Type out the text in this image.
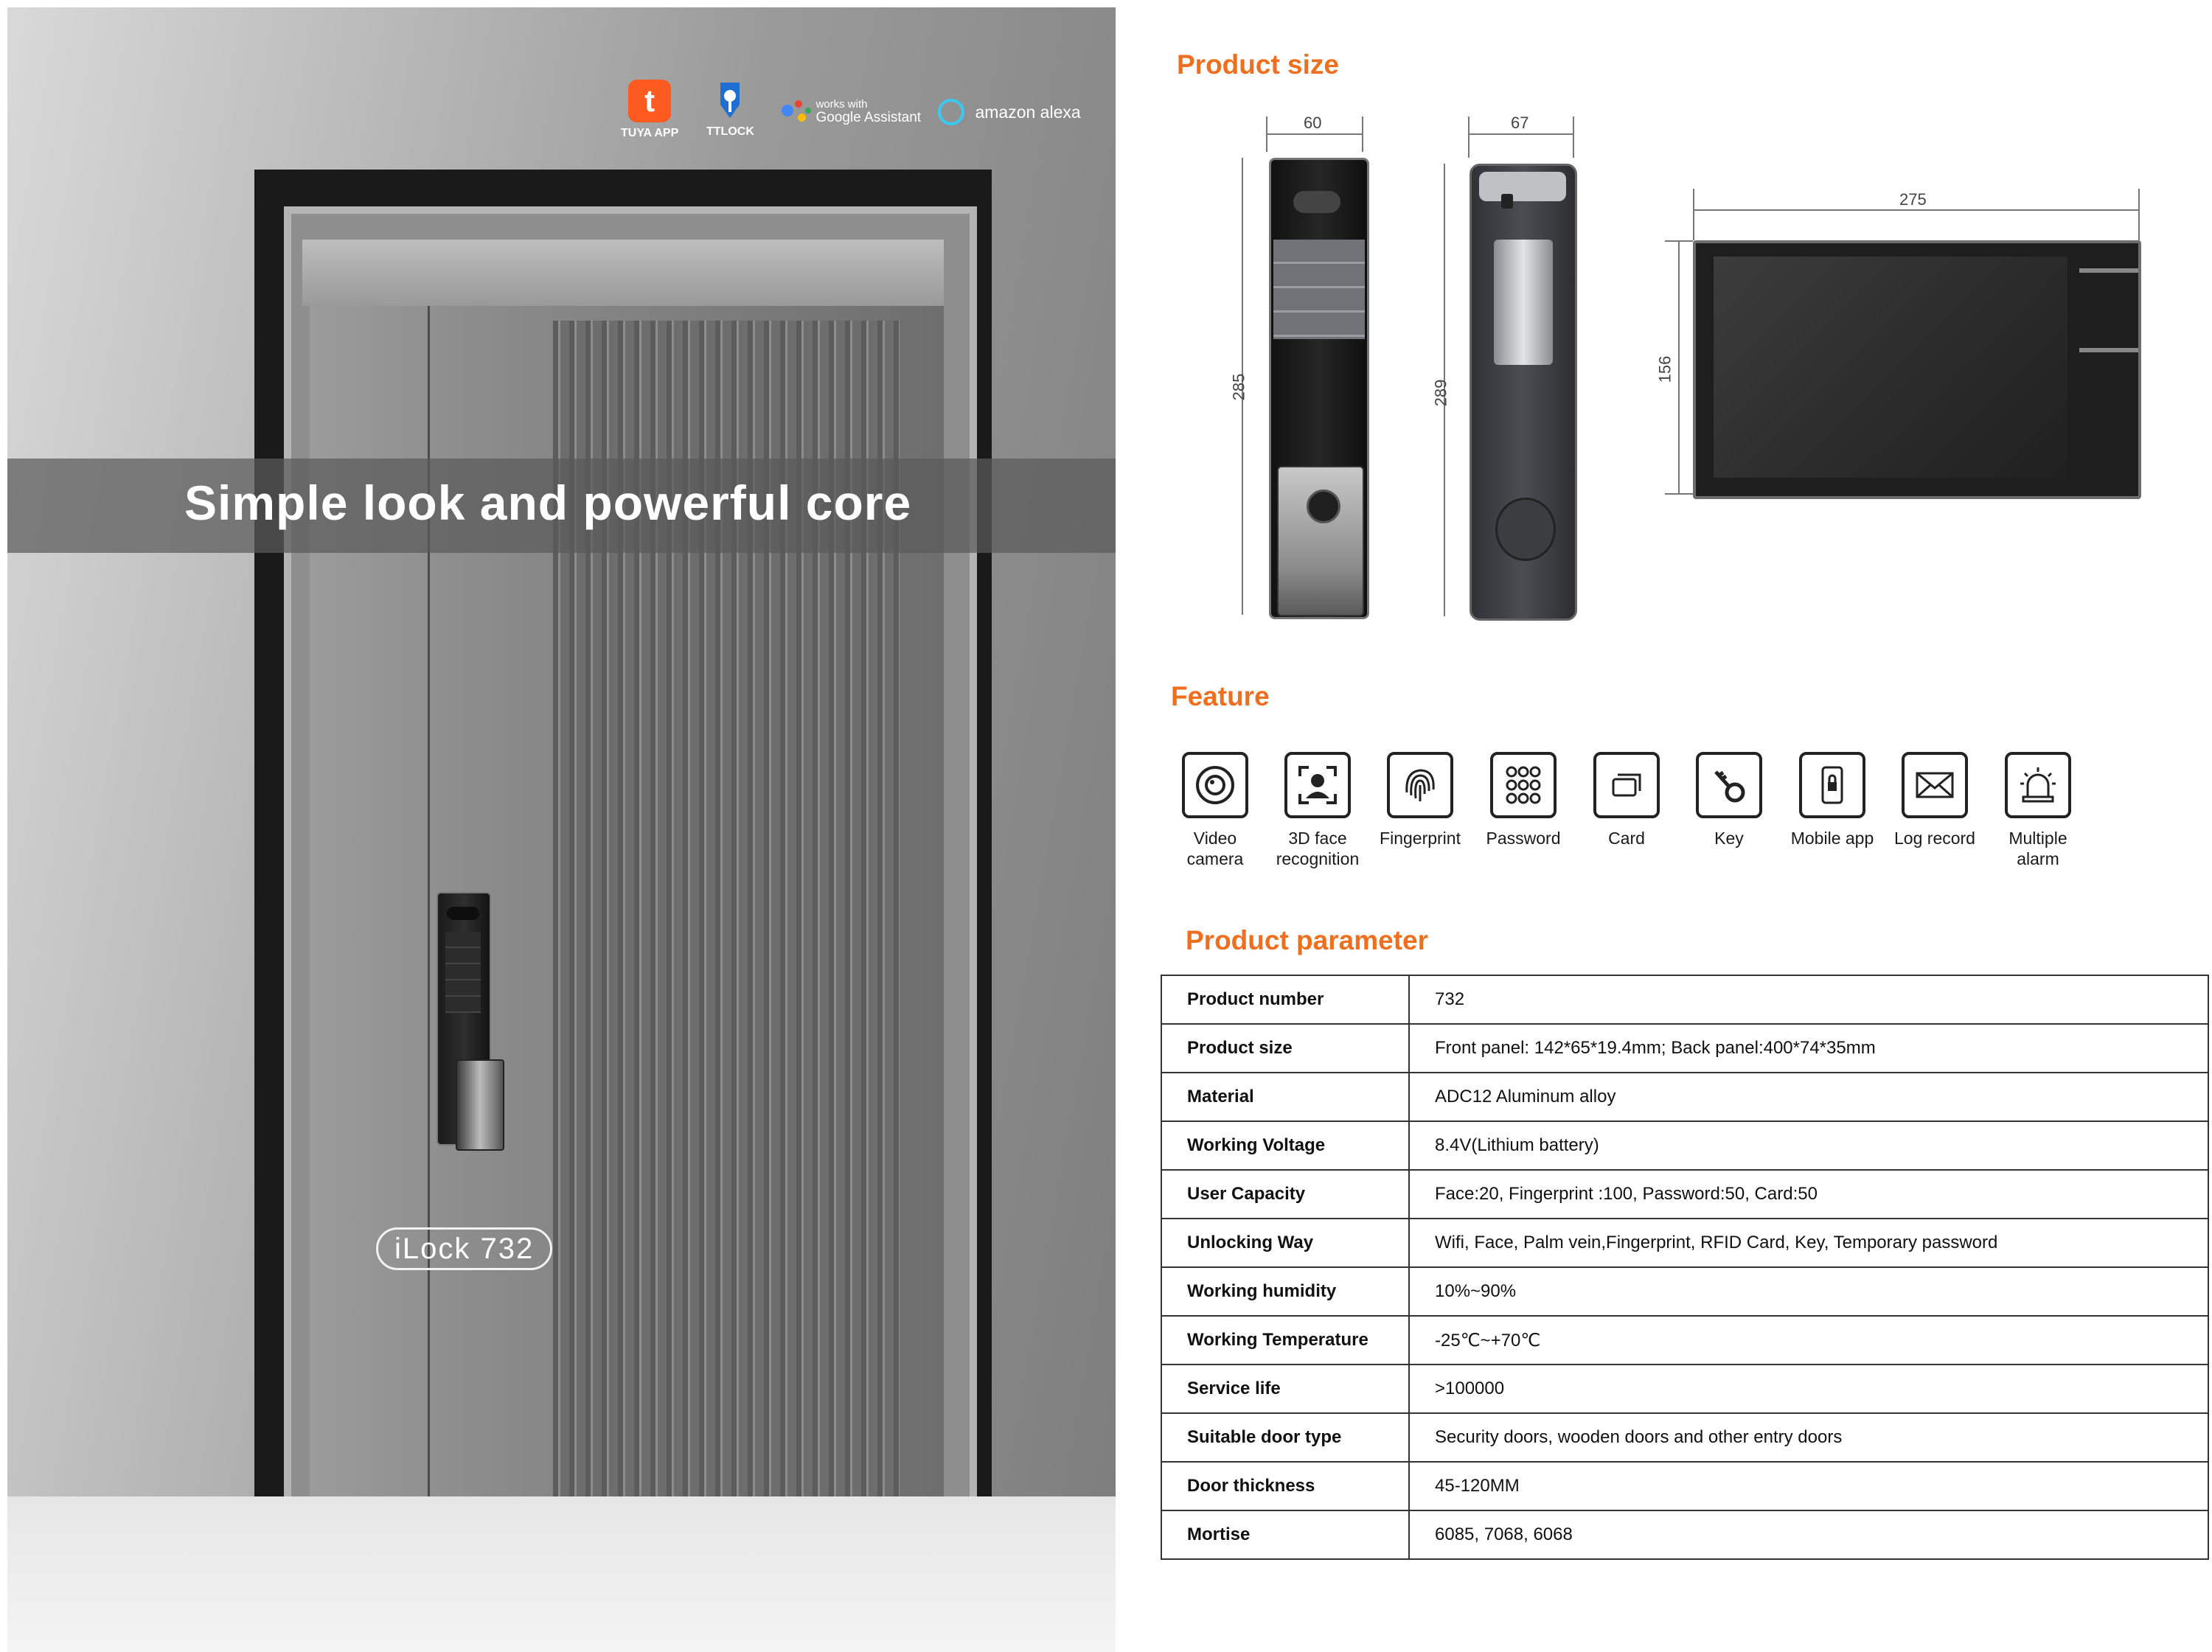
Simple look and powerful core
iLock 732
t
TUYA APP TTLOCK

works with
Google Assistant	amazon alexa
Product size
60
285
67
289
275
156
Feature
Video camera
3D face recognition
Fingerprint	Password	Card	Key	Mobile app	Log record	Multiple alarm
Product parameter
Product number	732
Product size	Front panel: 142*65*19.4mm; Back panel:400*74*35mm
Material	ADC12 Aluminum alloy
Working Voltage	8.4V(Lithium battery)
User Capacity	Face:20, Fingerprint :100, Password:50, Card:50
Unlocking Way	Wifi, Face, Palm vein,Fingerprint, RFID Card, Key, Temporary password
Working humidity	10%~90%
Working Temperature	-25℃~+70℃
Service life	>100000
Suitable door type	Security doors, wooden doors and other entry doors
Door thickness	45-120MM
Mortise	6085, 7068, 6068
